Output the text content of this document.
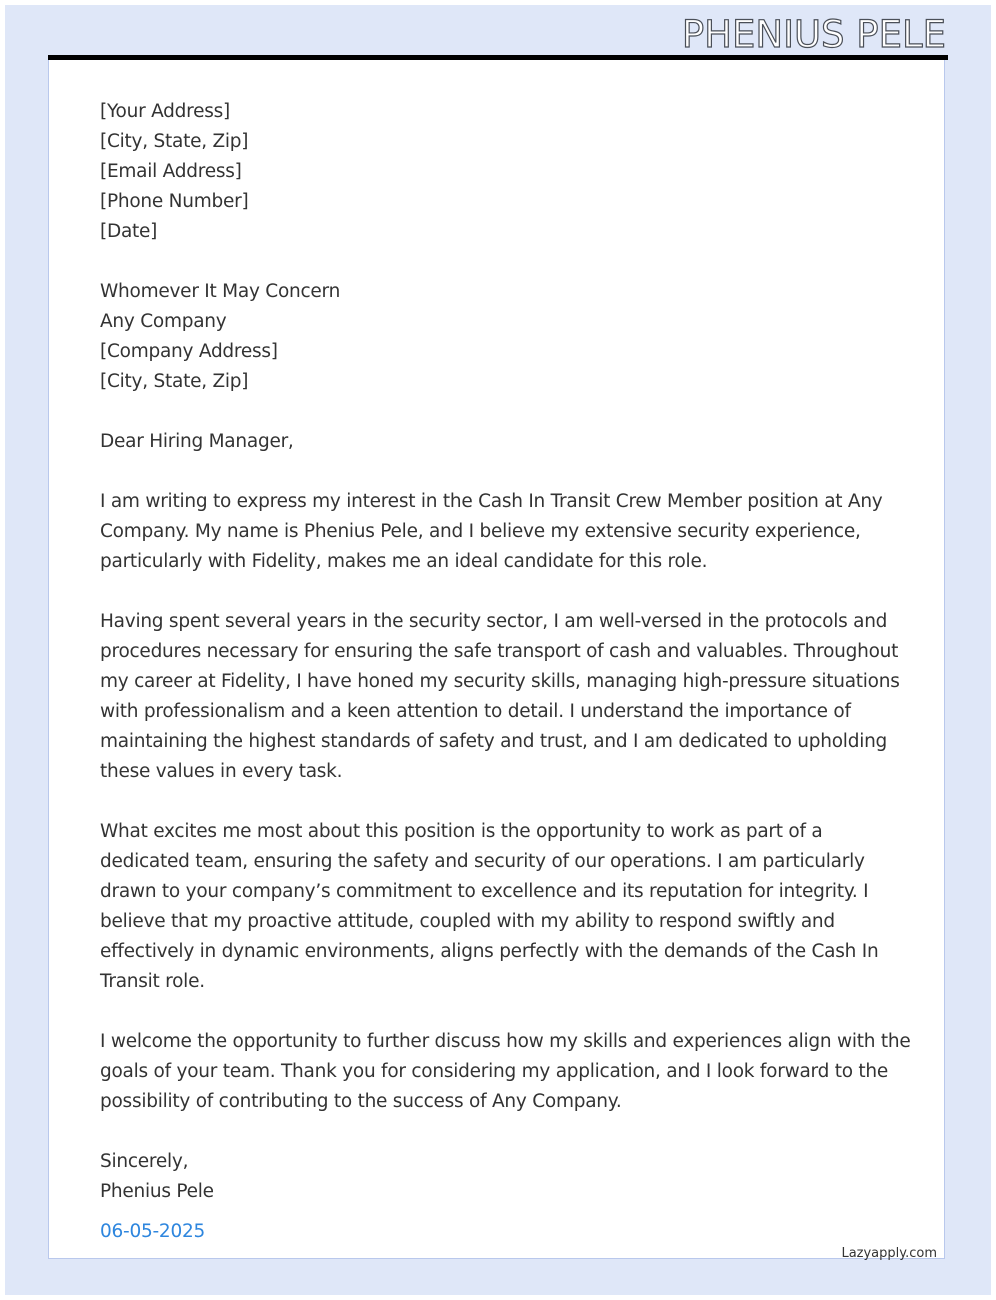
PHENIUS PELE
[Your Address]
[City, State, Zip]
[Email Address]
[Phone Number]
[Date]
Whomever It May Concern
Any Company
[Company Address]
[City, State, Zip]
Dear Hiring Manager,
I am writing to express my interest in the Cash In Transit Crew Member position at Any
Company. My name is Phenius Pele, and I believe my extensive security experience,
particularly with Fidelity, makes me an ideal candidate for this role.
Having spent several years in the security sector, I am well-versed in the protocols and
procedures necessary for ensuring the safe transport of cash and valuables. Throughout
my career at Fidelity, I have honed my security skills, managing high-pressure situations
with professionalism and a keen attention to detail. I understand the importance of
maintaining the highest standards of safety and trust, and I am dedicated to upholding
these values in every task.
What excites me most about this position is the opportunity to work as part of a
dedicated team, ensuring the safety and security of our operations. I am particularly
drawn to your company’s commitment to excellence and its reputation for integrity. I
believe that my proactive attitude, coupled with my ability to respond swiftly and
effectively in dynamic environments, aligns perfectly with the demands of the Cash In
Transit role.
I welcome the opportunity to further discuss how my skills and experiences align with the
goals of your team. Thank you for considering my application, and I look forward to the
possibility of contributing to the success of Any Company.
Sincerely,
Phenius Pele
06-05-2025
Lazyapply.com
